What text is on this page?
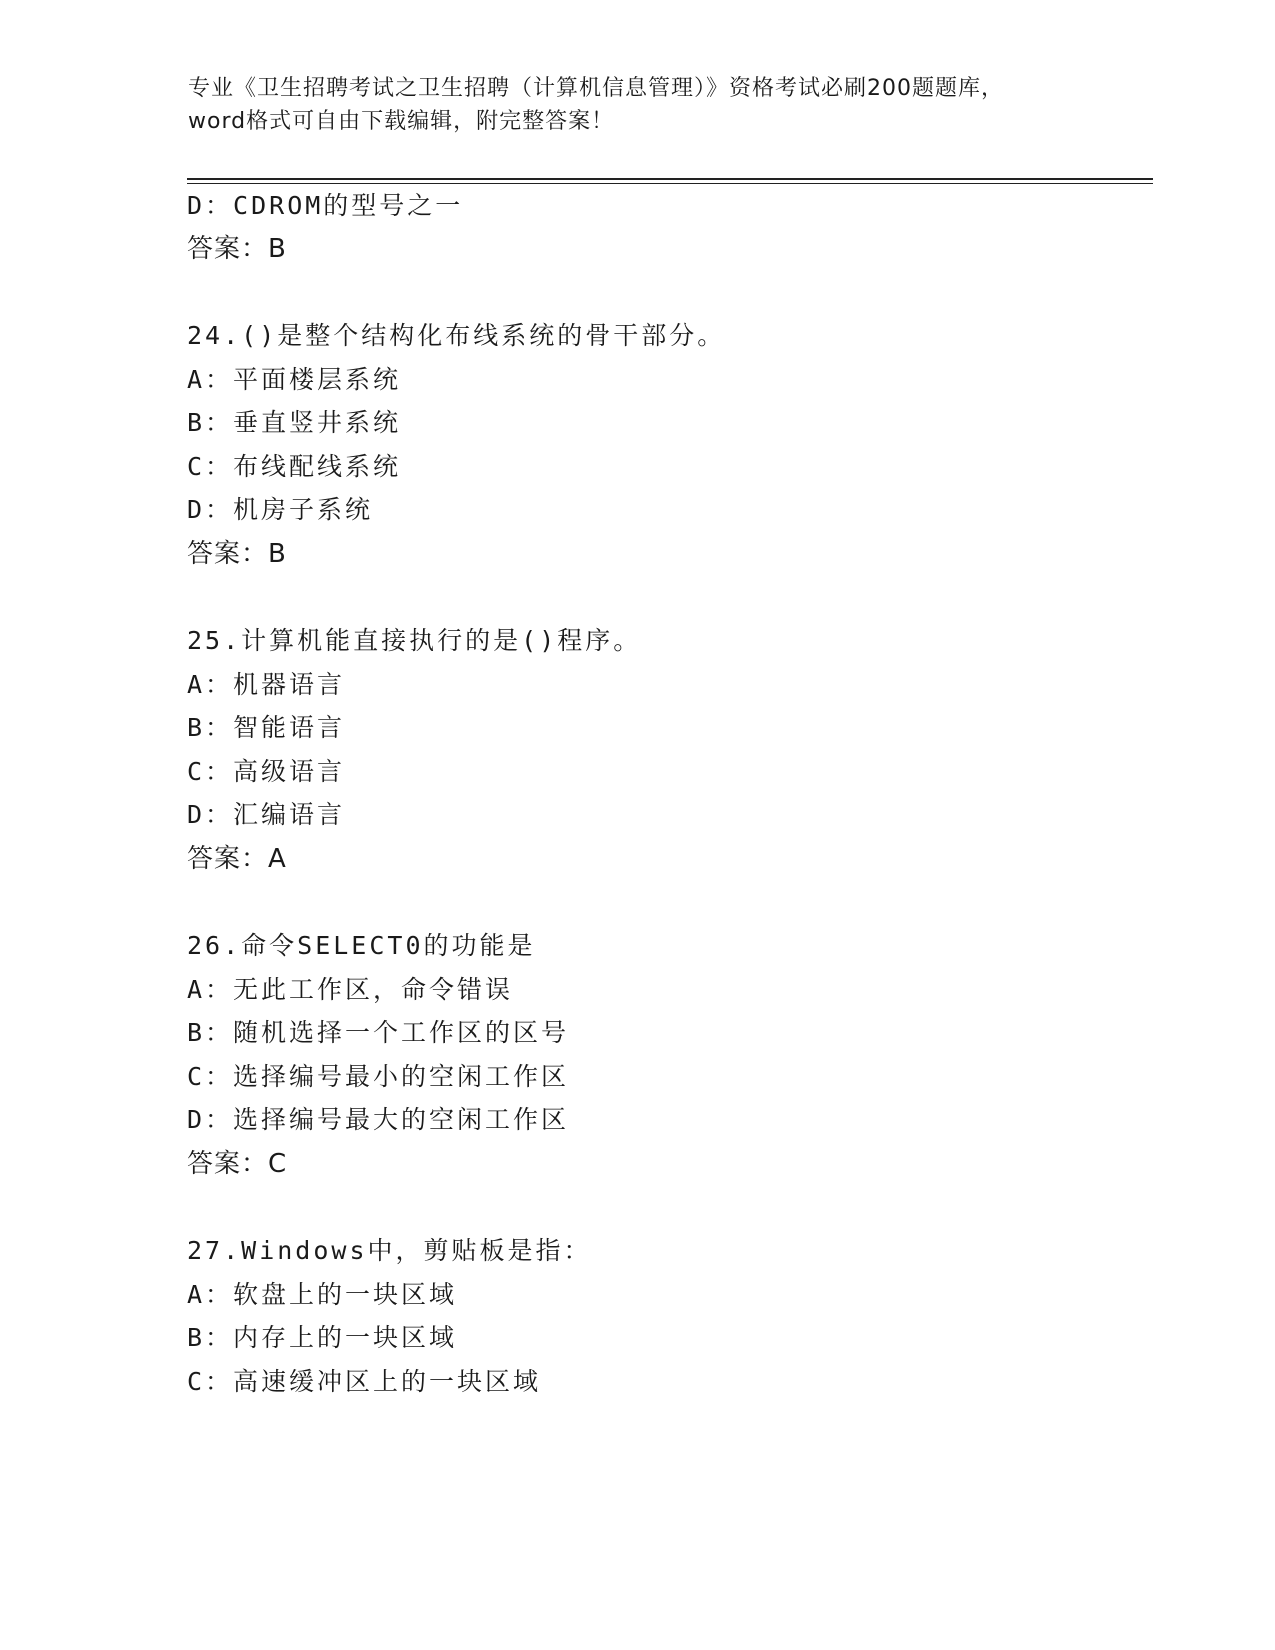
专业《卫生招聘考试之卫生招聘（计算机信息管理）》资格考试必刷200题题库，
word格式可自由下载编辑，附完整答案！
D：CDROM的型号之一
答案：B
24.()是整个结构化布线系统的骨干部分。
A：平面楼层系统
B：垂直竖井系统
C：布线配线系统
D：机房子系统
答案：B
25.计算机能直接执行的是()程序。
A：机器语言
B：智能语言
C：高级语言
D：汇编语言
答案：A
26.命令SELECT0的功能是
A：无此工作区，命令错误
B：随机选择一个工作区的区号
C：选择编号最小的空闲工作区
D：选择编号最大的空闲工作区
答案：C
27.Windows中，剪贴板是指：
A：软盘上的一块区域
B：内存上的一块区域
C：高速缓冲区上的一块区域
